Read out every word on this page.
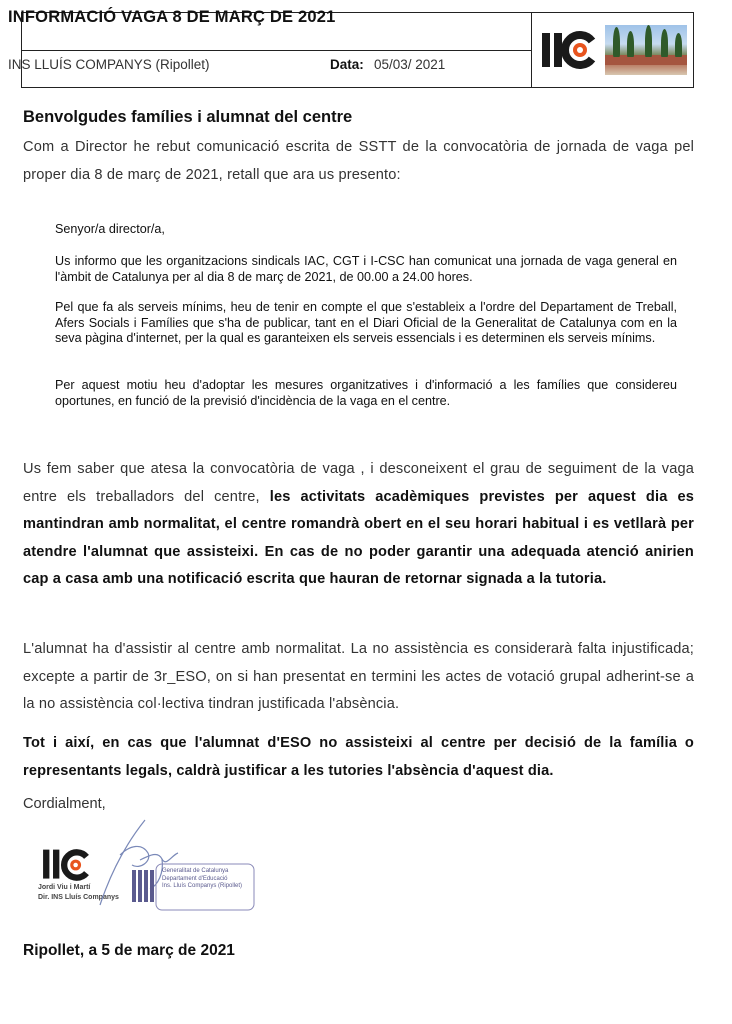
INFORMACIÓ VAGA 8 DE MARÇ DE 2021
INS LLUÍS COMPANYS (Ripollet)	Data: 05/03/ 2021
Benvolgudes famílies i alumnat del centre
Com a Director he rebut comunicació escrita de SSTT de la convocatòria de jornada de vaga pel proper dia 8 de març de 2021, retall que ara us presento:
Senyor/a director/a,
Us informo que les organitzacions sindicals IAC, CGT i I-CSC han comunicat una jornada de vaga general en l'àmbit de Catalunya per al dia 8 de març de 2021, de 00.00 a 24.00 hores.
Pel que fa als serveis mínims, heu de tenir en compte el que s'estableix a l'ordre del Departament de Treball, Afers Socials i Famílies que s'ha de publicar, tant en el Diari Oficial de la Generalitat de Catalunya com en la seva pàgina d'internet, per la qual es garanteixen els serveis essencials i es determinen els serveis mínims.
Per aquest motiu heu d'adoptar les mesures organitzatives i d'informació a les famílies que considereu oportunes, en funció de la previsió d'incidència de la vaga en el centre.
Us fem saber que atesa la convocatòria de vaga , i desconeixent el grau de seguiment de la vaga entre els treballadors del centre, les activitats acadèmiques previstes per aquest dia es mantindran amb normalitat, el centre romandrà obert en el seu horari habitual i es vetllarà per atendre l'alumnat que assisteixi. En cas de no poder garantir una adequada atenció anirien cap a casa amb una notificació escrita que hauran de retornar signada a la tutoria.
L'alumnat ha d'assistir al centre amb normalitat. La no assistència es considerarà falta injustificada; excepte a partir de 3r_ESO, on si han presentat en termini les actes de votació grupal adherint-se a la no assistència col·lectiva tindran justificada l'absència.
Tot i així, en cas que l'alumnat d'ESO no assisteixi al centre per decisió de la família o representants legals, caldrà justificar a les tutories l'absència d'aquest dia.
Cordialment,
Jordi Viu i Martí
Dir. INS Lluís Companys
Generalitat de Catalunya
Departament d'Educació
Ins. Lluís Companys (Ripollet)
Ripollet, a 5 de març de 2021
